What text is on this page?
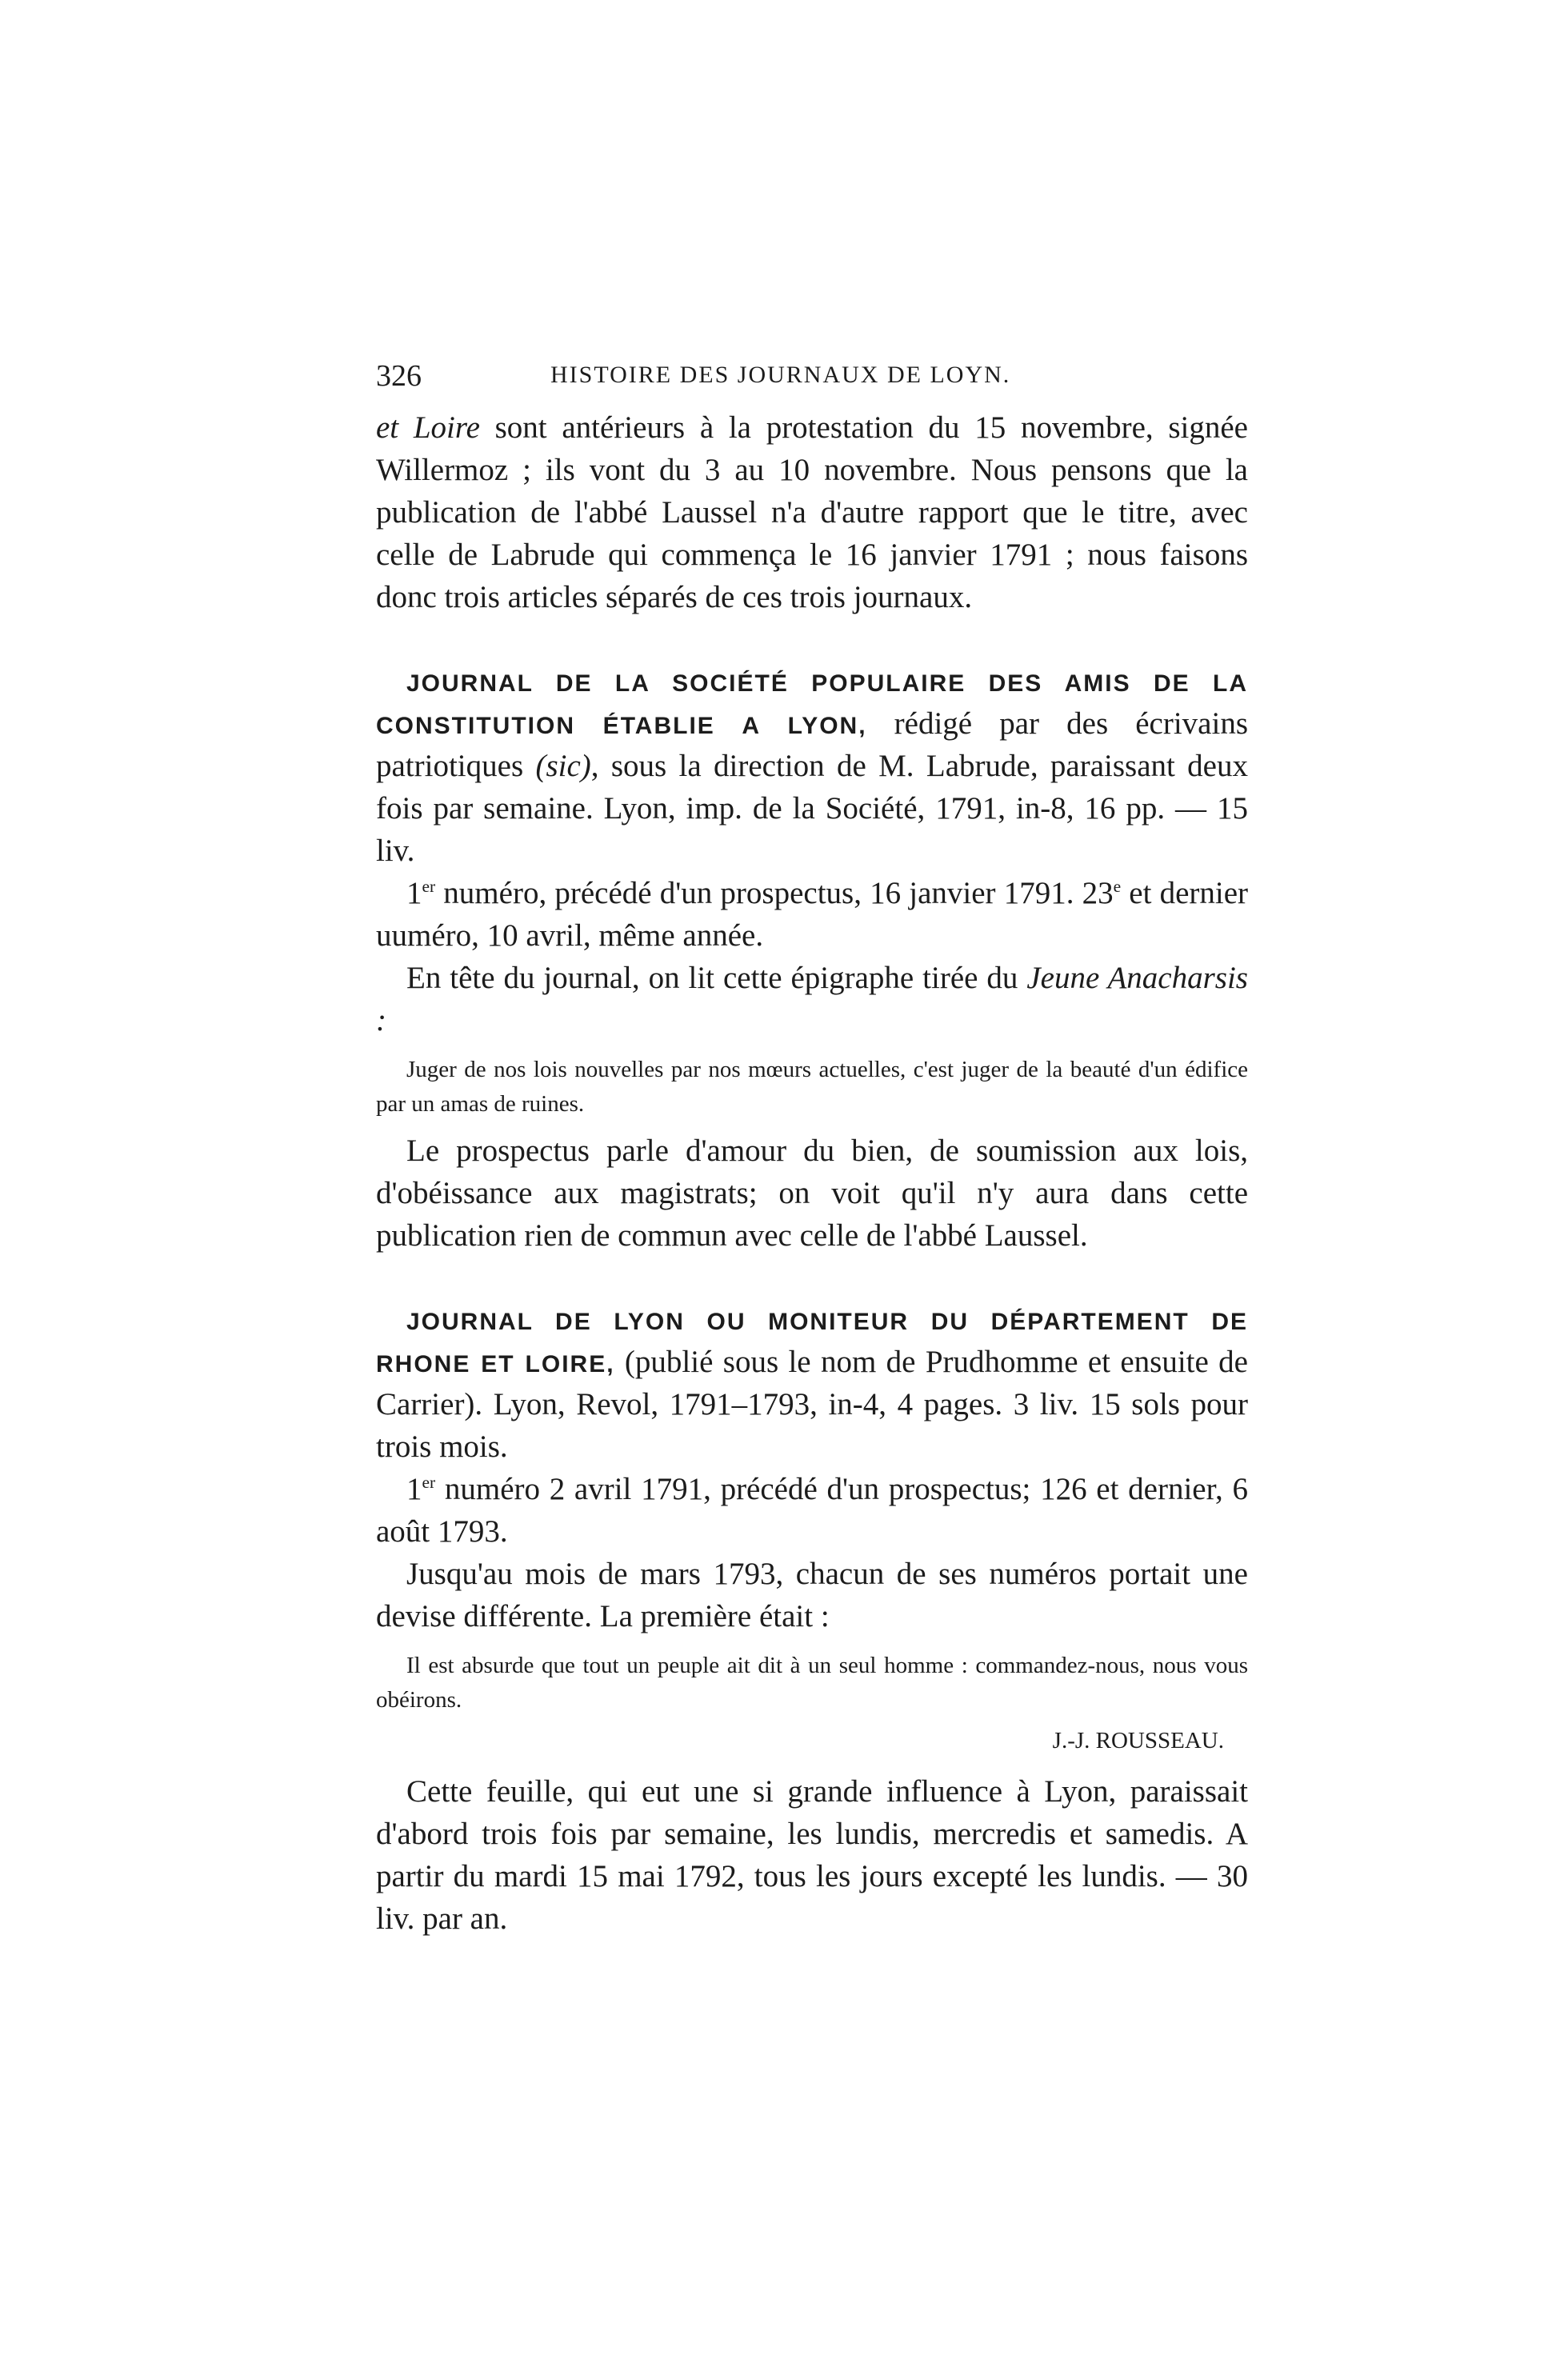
326	HISTOIRE DES JOURNAUX DE LOYN.

et Loire sont antérieurs à la protestation du 15 novembre, signée Willermoz ; ils vont du 3 au 10 novembre. Nous pensons que la publication de l'abbé Laussel n'a d'autre rapport que le titre, avec celle de Labrude qui commença le 16 janvier 1791 ; nous faisons donc trois articles séparés de ces trois journaux.

JOURNAL DE LA SOCIÉTÉ POPULAIRE DES AMIS DE LA CONSTITUTION ÉTABLIE A LYON, rédigé par des écrivains patriotiques (sic), sous la direction de M. Labrude, paraissant deux fois par semaine. Lyon, imp. de la Société, 1791, in-8, 16 pp. — 15 liv.

1er numéro, précédé d'un prospectus, 16 janvier 1791. 23e et dernier uuméro, 10 avril, même année.

En tête du journal, on lit cette épigraphe tirée du Jeune Anacharsis :

Juger de nos lois nouvelles par nos mœurs actuelles, c'est juger de la beauté d'un édifice par un amas de ruines.

Le prospectus parle d'amour du bien, de soumission aux lois, d'obéissance aux magistrats; on voit qu'il n'y aura dans cette publication rien de commun avec celle de l'abbé Laussel.

JOURNAL DE LYON OU MONITEUR DU DÉPARTEMENT DE RHONE ET LOIRE, (publié sous le nom de Prudhomme et ensuite de Carrier). Lyon, Revol, 1791–1793, in-4, 4 pages. 3 liv. 15 sols pour trois mois.

1er numéro 2 avril 1791, précédé d'un prospectus; 126 et dernier, 6 août 1793.

Jusqu'au mois de mars 1793, chacun de ses numéros portait une devise différente. La première était :

Il est absurde que tout un peuple ait dit à un seul homme : commandez-nous, nous vous obéirons.
J.-J. ROUSSEAU.

Cette feuille, qui eut une si grande influence à Lyon, paraissait d'abord trois fois par semaine, les lundis, mercredis et samedis. A partir du mardi 15 mai 1792, tous les jours excepté les lundis. — 30 liv. par an.
